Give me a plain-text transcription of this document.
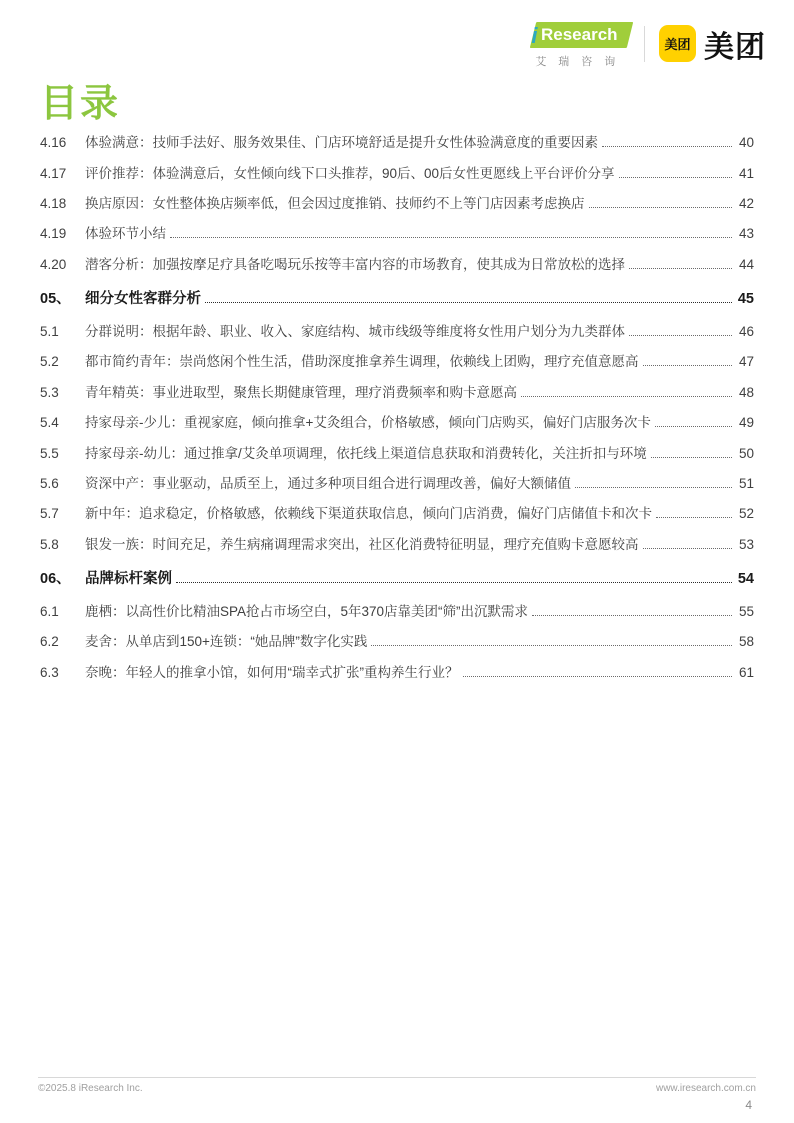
i Research
艾瑞咨询
美团 美团
目录
4.16	体验满意：技师手法好、服务效果佳、门店环境舒适是提升女性体验满意度的重要因素	40
4.17	评价推荐：体验满意后，女性倾向线下口头推荐，90后、00后女性更愿线上平台评价分享	41
4.18	换店原因：女性整体换店频率低，但会因过度推销、技师约不上等门店因素考虑换店	42
4.19	体验环节小结	43
4.20	潜客分析：加强按摩足疗具备吃喝玩乐按等丰富内容的市场教育，使其成为日常放松的选择	44
05、 细分女性客群分析	45
5.1	分群说明：根据年龄、职业、收入、家庭结构、城市线级等维度将女性用户划分为九类群体	46
5.2	都市简约青年：崇尚悠闲个性生活，借助深度推拿养生调理，依赖线上团购，理疗充值意愿高	47
5.3	青年精英：事业进取型，聚焦长期健康管理，理疗消费频率和购卡意愿高	48
5.4	持家母亲-少儿：重视家庭，倾向推拿+艾灸组合，价格敏感，倾向门店购买，偏好门店服务次卡	49
5.5	持家母亲-幼儿：通过推拿/艾灸单项调理，依托线上渠道信息获取和消费转化，关注折扣与环境	50
5.6	资深中产：事业驱动，品质至上，通过多种项目组合进行调理改善，偏好大额储值	51
5.7	新中年：追求稳定，价格敏感，依赖线下渠道获取信息，倾向门店消费，偏好门店储值卡和次卡	52
5.8	银发一族：时间充足，养生病痛调理需求突出，社区化消费特征明显，理疗充值购卡意愿较高	53
06、 品牌标杆案例	54
6.1	鹿栖：以高性价比精油SPA抢占市场空白，5年370店靠美团“筛”出沉默需求	55
6.2	麦舍：从单店到150+连锁：“她品牌”数字化实践	58
6.3	奈晚：年轻人的推拿小馆，如何用“瑞幸式扩张”重构养生行业？	61
©2025.8 iResearch Inc.	www.iresearch.com.cn
4
